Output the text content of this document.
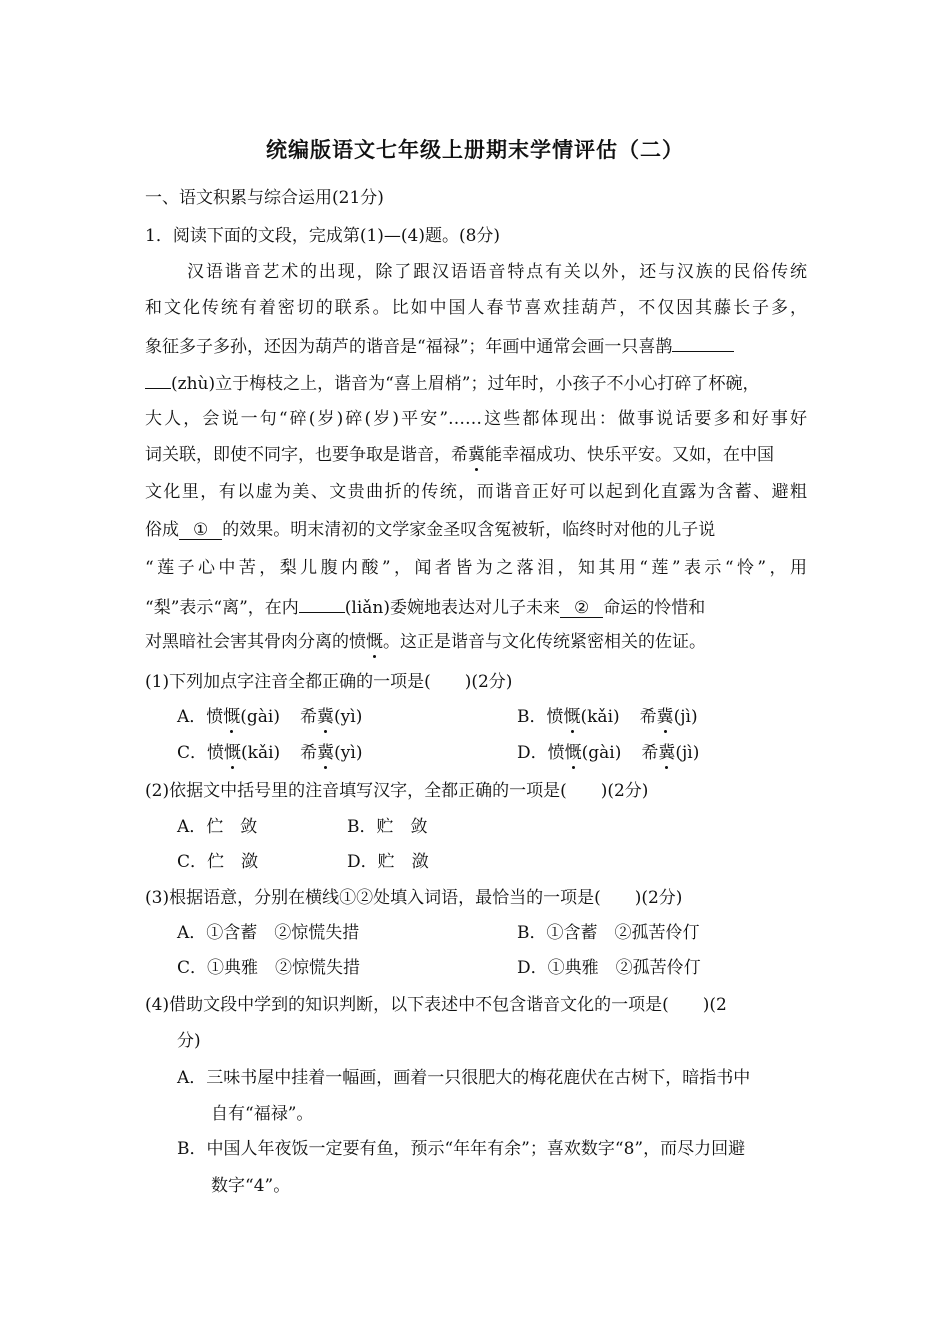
统编版语文七年级上册期末学情评估（二）
一、语文积累与综合运用(21分)
1．阅读下面的文段，完成第(1)—(4)题。(8分)
汉语谐音艺术的出现，除了跟汉语语音特点有关以外，还与汉族的民俗传统
和文化传统有着密切的联系。比如中国人春节喜欢挂葫芦，不仅因其藤长子多，
象征多子多孙，还因为葫芦的谐音是“福禄”；年画中通常会画一只喜鹊
(zhù)立于梅枝之上，谐音为“喜上眉梢”；过年时，小孩子不小心打碎了杯碗，
大人，会说一句“碎(岁)碎(岁)平安”……这些都体现出：做事说话要多和好事好
词关联，即使不同字，也要争取是谐音，希冀能幸福成功、快乐平安。又如，在中国
文化里，有以虚为美、文贵曲折的传统，而谐音正好可以起到化直露为含蓄、避粗
俗成 ① 的效果。明末清初的文学家金圣叹含冤被斩，临终时对他的儿子说
“莲子心中苦，梨儿腹内酸”，闻者皆为之落泪，知其用“莲”表示“怜”，用
“梨”表示“离”，在内	(liǎn)委婉地表达对儿子未来 ② 命运的怜惜和
对黑暗社会害其骨肉分离的愤慨。这正是谐音与文化传统紧密相关的佐证。
(1)下列加点字注音全都正确的一项是(　　)(2分)
A．愤慨(gài) 希冀(yì)	B．愤慨(kǎi) 希冀(jì)
C．愤慨(kǎi) 希冀(yì)	D．愤慨(gài) 希冀(jì)
(2)依据文中括号里的注音填写汉字，全都正确的一项是(　　)(2分)
A．伫　敛	B．贮　敛
C．伫　潋	D．贮　潋
(3)根据语意，分别在横线①②处填入词语，最恰当的一项是(　　)(2分)
A．①含蓄　②惊慌失措	B．①含蓄　②孤苦伶仃
C．①典雅　②惊慌失措	D．①典雅　②孤苦伶仃
(4)借助文段中学到的知识判断，以下表述中不包含谐音文化的一项是(　　)(2
分)
A．三味书屋中挂着一幅画，画着一只很肥大的梅花鹿伏在古树下，暗指书中
自有“福禄”。
B．中国人年夜饭一定要有鱼，预示“年年有余”；喜欢数字“8”，而尽力回避
数字“4”。
